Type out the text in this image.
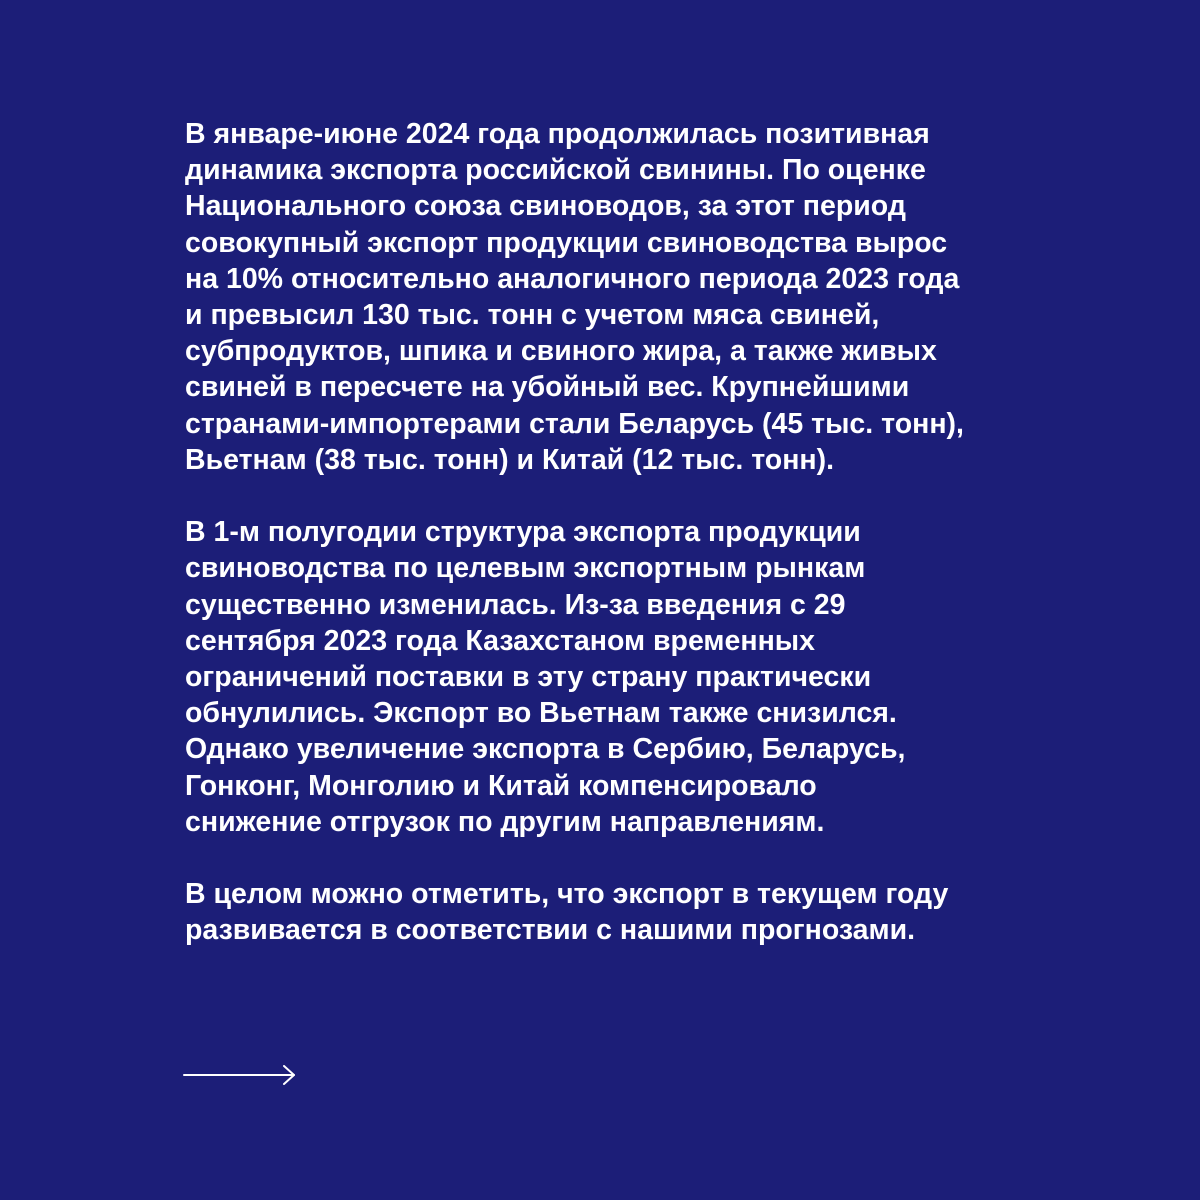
В январе-июне 2024 года продолжилась позитивная
динамика экспорта российской свинины. По оценке
Национального союза свиноводов, за этот период
совокупный экспорт продукции свиноводства вырос
на 10% относительно аналогичного периода 2023 года
и превысил 130 тыс. тонн с учетом мяса свиней,
субпродуктов, шпика и свиного жира, а также живых
свиней в пересчете на убойный вес. Крупнейшими
странами-импортерами стали Беларусь (45 тыс. тонн),
Вьетнам (38 тыс. тонн) и Китай (12 тыс. тонн).

В 1-м полугодии структура экспорта продукции
свиноводства по целевым экспортным рынкам
существенно изменилась. Из-за введения с 29
сентября 2023 года Казахстаном временных
ограничений поставки в эту страну практически
обнулились. Экспорт во Вьетнам также снизился.
Однако увеличение экспорта в Сербию, Беларусь,
Гонконг, Монголию и Китай компенсировало
снижение отгрузок по другим направлениям.

В целом можно отметить, что экспорт в текущем году
развивается в соответствии с нашими прогнозами.
